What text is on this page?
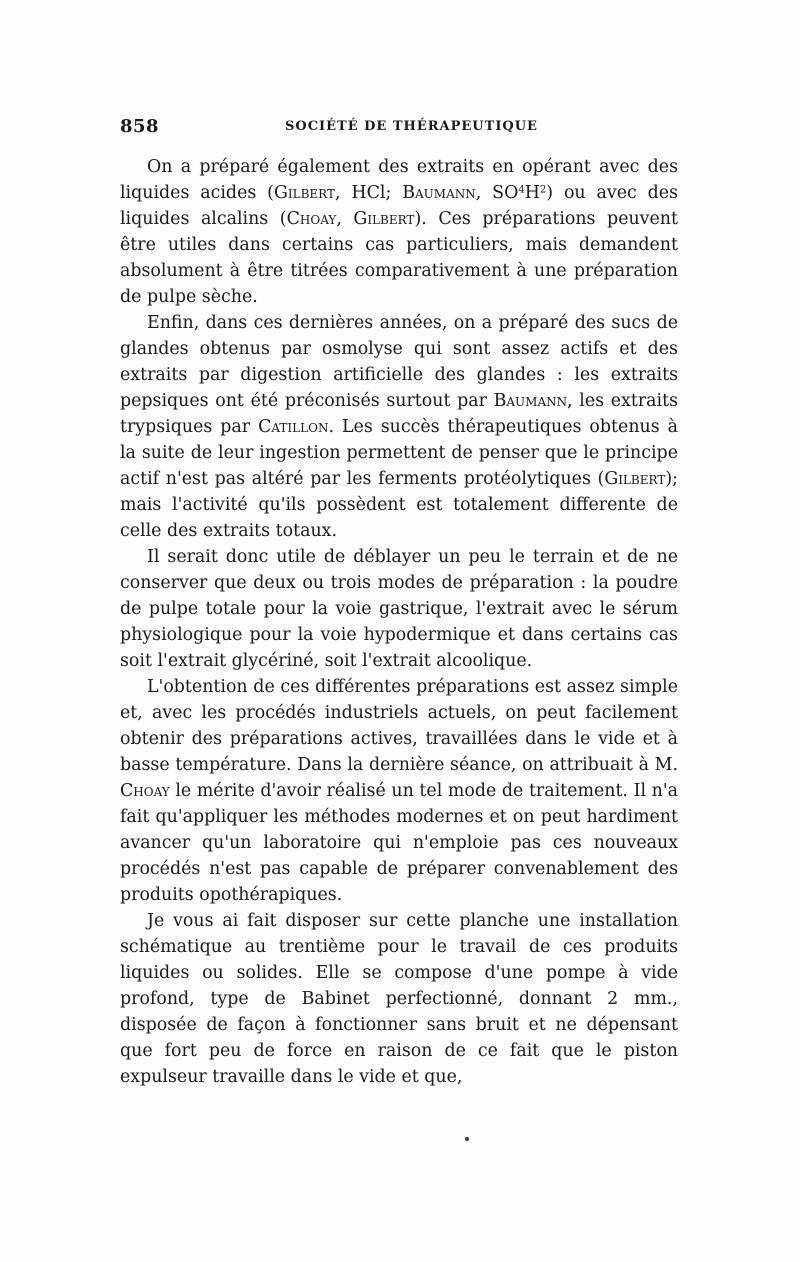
858	SOCIÉTÉ DE THÉRAPEUTIQUE

On a préparé également des extraits en opérant avec des liquides acides (Gilbert, HCl; Baumann, $SO^4H^2$) ou avec des liquides alcalins (Choay, Gilbert). Ces préparations peuvent être utiles dans certains cas particuliers, mais demandent absolument à être titrées comparativement à une préparation de pulpe sèche.

Enfin, dans ces dernières années, on a préparé des sucs de glandes obtenus par osmolyse qui sont assez actifs et des extraits par digestion artificielle des glandes : les extraits pepsiques ont été préconisés surtout par Baumann, les extraits trypsiques par Catillon. Les succès thérapeutiques obtenus à la suite de leur ingestion permettent de penser que le principe actif n'est pas altéré par les ferments protéolytiques (Gilbert); mais l'activité qu'ils possèdent est totalement differente de celle des extraits totaux.

Il serait donc utile de déblayer un peu le terrain et de ne conserver que deux ou trois modes de préparation : la poudre de pulpe totale pour la voie gastrique, l'extrait avec le sérum physiologique pour la voie hypodermique et dans certains cas soit l'extrait glycériné, soit l'extrait alcoolique.

L'obtention de ces différentes préparations est assez simple et, avec les procédés industriels actuels, on peut facilement obtenir des préparations actives, travaillées dans le vide et à basse température. Dans la dernière séance, on attribuait à M. Choay le mérite d'avoir réalisé un tel mode de traitement. Il n'a fait qu'appliquer les méthodes modernes et on peut hardiment avancer qu'un laboratoire qui n'emploie pas ces nouveaux procédés n'est pas capable de préparer convenablement des produits opothérapiques.

Je vous ai fait disposer sur cette planche une installation schématique au trentième pour le travail de ces produits liquides ou solides. Elle se compose d'une pompe à vide profond, type de Babinet perfectionné, donnant 2 mm., disposée de façon à fonctionner sans bruit et ne dépensant que fort peu de force en raison de ce fait que le piston expulseur travaille dans le vide et que,
